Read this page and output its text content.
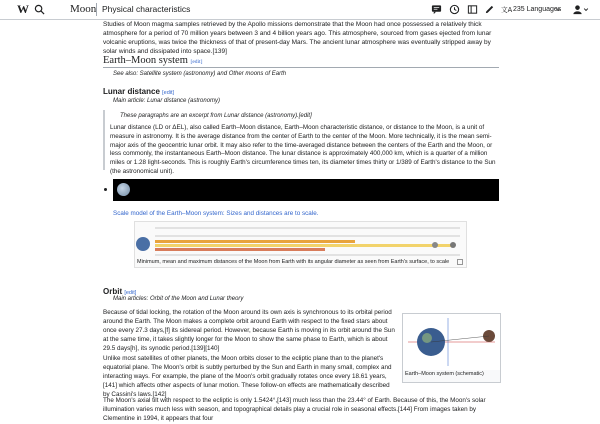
W	Moon Physical characteristics	文A 235 Languages

Studies of Moon magma samples retrieved by the Apollo missions demonstrate that the Moon had once possessed a relatively thick atmosphere for a period of 70 million years between 3 and 4 billion years ago. This atmosphere, sourced from gases ejected from lunar volcanic eruptions, was twice the thickness of that of present-day Mars. The ancient lunar atmosphere was eventually stripped away by solar winds and dissipated into space.[139]

Earth–Moon system [edit]

See also: Satellite system (astronomy) and Other moons of Earth

Lunar distance [edit]

Main article: Lunar distance (astronomy)

These paragraphs are an excerpt from Lunar distance (astronomy).[edit]

Lunar distance (LD or ΔEL), also called Earth–Moon distance, Earth–Moon characteristic distance, or distance to the Moon, is a unit of measure in astronomy. It is the average distance from the center of Earth to the center of the Moon. More technically, it is the mean semi-major axis of the geocentric lunar orbit. It may also refer to the time-averaged distance between the centers of the Earth and the Moon, or less commonly, the instantaneous Earth–Moon distance. The lunar distance is approximately 400,000 km, which is a quarter of a million miles or 1.28 light-seconds. This is roughly Earth's circumference times ten, its diameter times thirty or 1/389 of Earth's distance to the Sun (the astronomical unit).

Scale model of the Earth–Moon system: Sizes and distances are to scale.

Minimum, mean and maximum distances of the Moon from Earth with its angular diameter as seen from Earth's surface, to scale

Orbit [edit]

Main articles: Orbit of the Moon and Lunar theory

Because of tidal locking, the rotation of the Moon around its own axis is synchronous to its orbital period around the Earth. The Moon makes a complete orbit around Earth with respect to the fixed stars about once every 27.3 days,[f] its sidereal period. However, because Earth is moving in its orbit around the Sun at the same time, it takes slightly longer for the Moon to show the same phase to Earth, which is about 29.5 days[h], its synodic period.[139][140]

Unlike most satellites of other planets, the Moon orbits closer to the ecliptic plane than to the planet's equatorial plane. The Moon's orbit is subtly perturbed by the Sun and Earth in many small, complex and interacting ways. For example, the plane of the Moon's orbit gradually rotates once every 18.61 years,[141] which affects other aspects of lunar motion. These follow-on effects are mathematically described by Cassini's laws.[142]

The Moon's axial tilt with respect to the ecliptic is only 1.5424°,[143] much less than the 23.44° of Earth. Because of this, the Moon's solar illumination varies much less with season, and topographical details play a crucial role in seasonal effects.[144] From images taken by Clementine in 1994, it appears that four

Earth–Moon system (schematic)
